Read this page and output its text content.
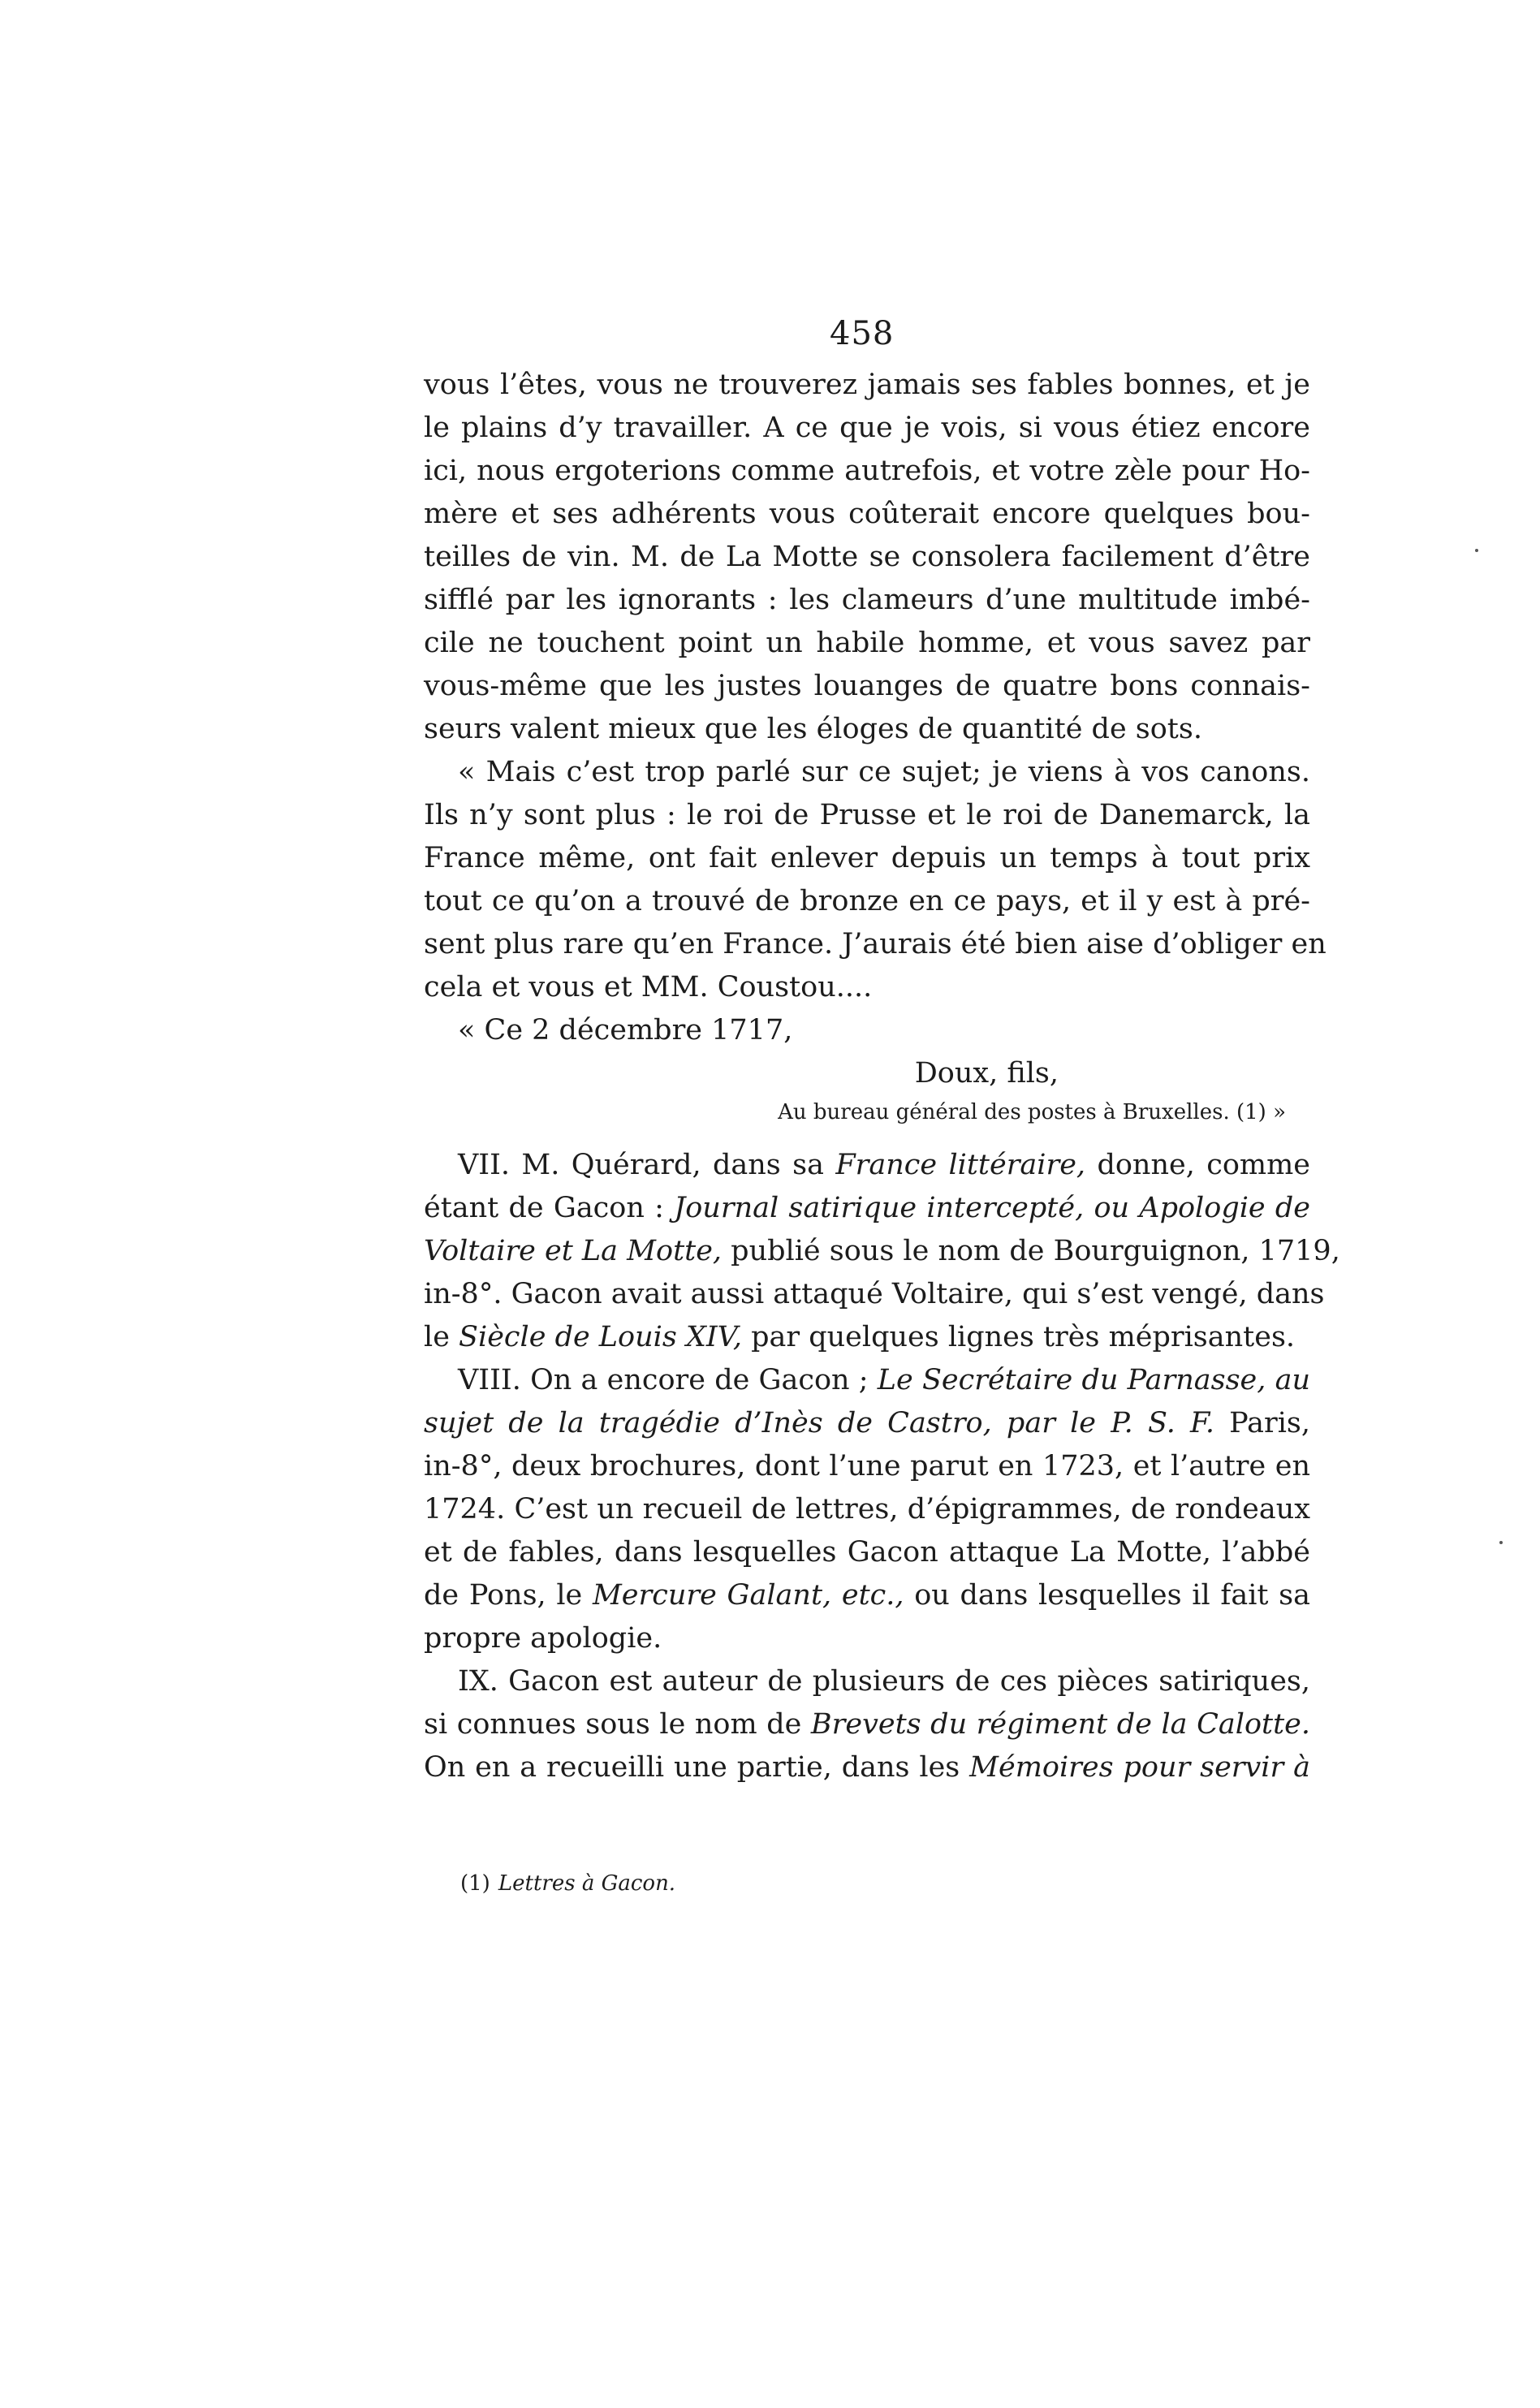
458

vous l’êtes, vous ne trouverez jamais ses fables bonnes, et je
le plains d’y travailler. A ce que je vois, si vous étiez encore
ici, nous ergoterions comme autrefois, et votre zèle pour Ho-
mère et ses adhérents vous coûterait encore quelques bou-
teilles de vin. M. de La Motte se consolera facilement d’être
sifflé par les ignorants : les clameurs d’une multitude imbé-
cile ne touchent point un habile homme, et vous savez par
vous-même que les justes louanges de quatre bons connais-
seurs valent mieux que les éloges de quantité de sots.

« Mais c’est trop parlé sur ce sujet; je viens à vos canons.
Ils n’y sont plus : le roi de Prusse et le roi de Danemarck, la
France même, ont fait enlever depuis un temps à tout prix
tout ce qu’on a trouvé de bronze en ce pays, et il y est à pré-
sent plus rare qu’en France. J’aurais été bien aise d’obliger en
cela et vous et MM. Coustou....

« Ce 2 décembre 1717,

Doux, fils,

Au bureau général des postes à Bruxelles. (1) »

VII. M. Quérard, dans sa France littéraire, donne, comme
étant de Gacon : Journal satirique intercepté, ou Apologie de
Voltaire et La Motte, publié sous le nom de Bourguignon, 1719,
in-8°. Gacon avait aussi attaqué Voltaire, qui s’est vengé, dans
le Siècle de Louis XIV, par quelques lignes très méprisantes.

VIII. On a encore de Gacon ; Le Secrétaire du Parnasse, au
sujet de la tragédie d’Inès de Castro, par le P. S. F. Paris,
in-8°, deux brochures, dont l’une parut en 1723, et l’autre en
1724. C’est un recueil de lettres, d’épigrammes, de rondeaux
et de fables, dans lesquelles Gacon attaque La Motte, l’abbé
de Pons, le Mercure Galant, etc., ou dans lesquelles il fait sa
propre apologie.

IX. Gacon est auteur de plusieurs de ces pièces satiriques,
si connues sous le nom de Brevets du régiment de la Calotte.
On en a recueilli une partie, dans les Mémoires pour servir à

(1) Lettres à Gacon.
